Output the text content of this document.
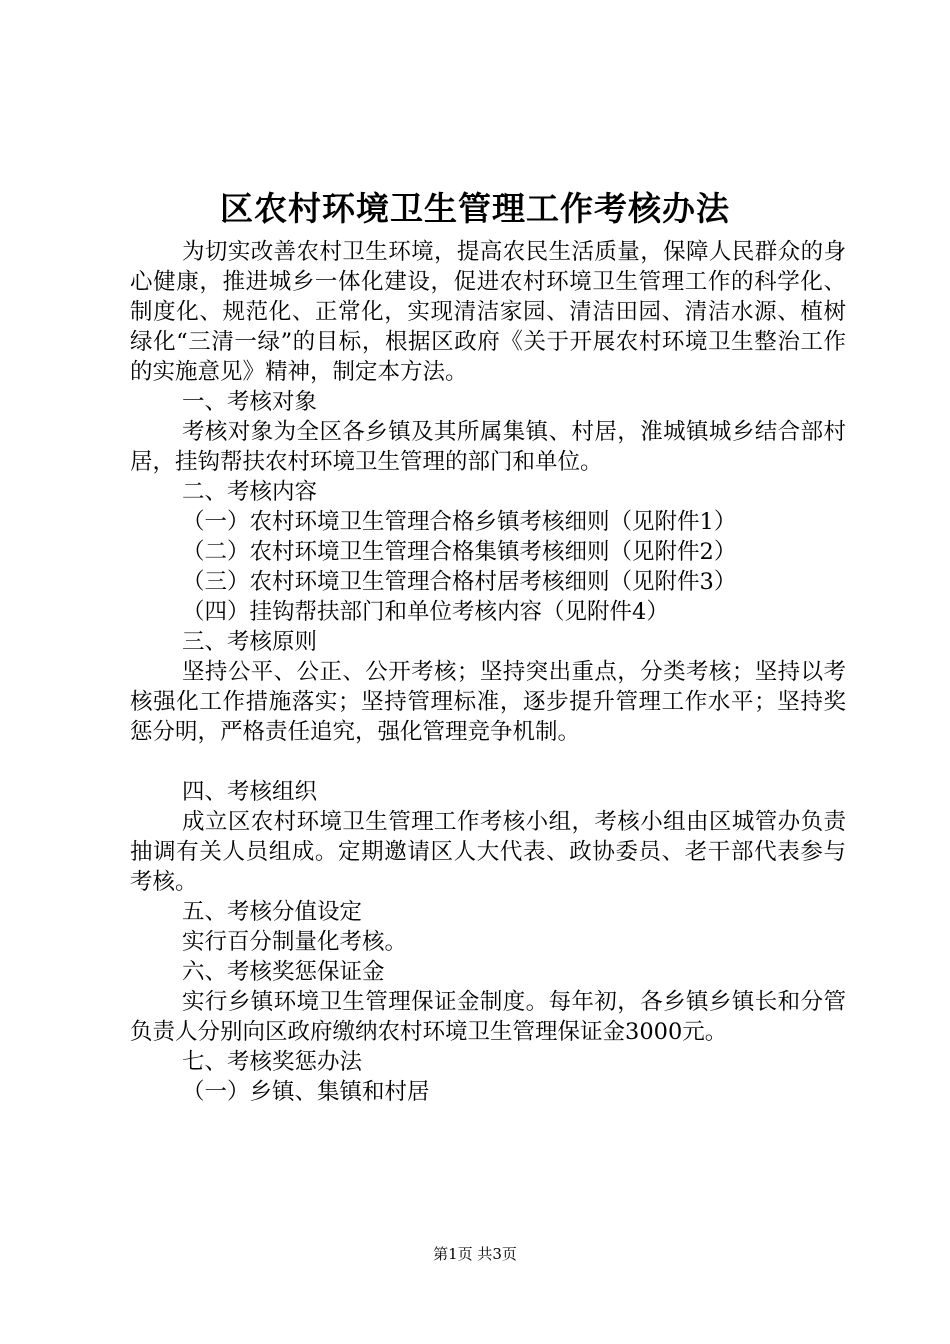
区农村环境卫生管理工作考核办法

为切实改善农村卫生环境，提高农民生活质量，保障人民群众的身心健康，推进城乡一体化建设，促进农村环境卫生管理工作的科学化、制度化、规范化、正常化，实现清洁家园、清洁田园、清洁水源、植树绿化“三清一绿”的目标，根据区政府《关于开展农村环境卫生整治工作的实施意见》精神，制定本方法。

一、考核对象

考核对象为全区各乡镇及其所属集镇、村居，淮城镇城乡结合部村居，挂钩帮扶农村环境卫生管理的部门和单位。

二、考核内容

（一）农村环境卫生管理合格乡镇考核细则（见附件1）

（二）农村环境卫生管理合格集镇考核细则（见附件2）

（三）农村环境卫生管理合格村居考核细则（见附件3）

（四）挂钩帮扶部门和单位考核内容（见附件4）

三、考核原则

坚持公平、公正、公开考核；坚持突出重点，分类考核；坚持以考核强化工作措施落实；坚持管理标准，逐步提升管理工作水平；坚持奖惩分明，严格责任追究，强化管理竞争机制。

四、考核组织

成立区农村环境卫生管理工作考核小组，考核小组由区城管办负责抽调有关人员组成。定期邀请区人大代表、政协委员、老干部代表参与考核。

五、考核分值设定

实行百分制量化考核。

六、考核奖惩保证金

实行乡镇环境卫生管理保证金制度。每年初，各乡镇乡镇长和分管负责人分别向区政府缴纳农村环境卫生管理保证金3000元。

七、考核奖惩办法

（一）乡镇、集镇和村居

第1页 共3页
